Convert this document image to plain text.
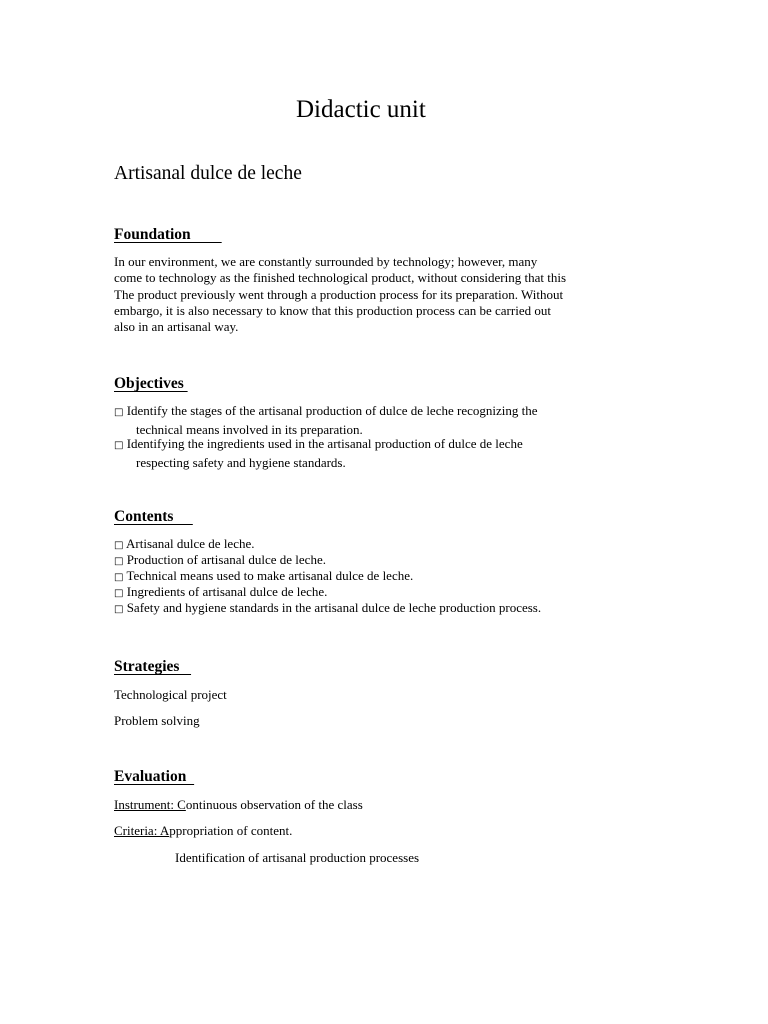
Didactic unit
Artisanal dulce de leche
Foundation
In our environment, we are constantly surrounded by technology; however, many
come to technology as the finished technological product, without considering that this
The product previously went through a production process for its preparation. Without
embargo, it is also necessary to know that this production process can be carried out
also in an artisanal way.
Objectives
□ Identify the stages of the artisanal production of dulce de leche recognizing the
technical means involved in its preparation.
□ Identifying the ingredients used in the artisanal production of dulce de leche
respecting safety and hygiene standards.
Contents
□ Artisanal dulce de leche.
□ Production of artisanal dulce de leche.
□ Technical means used to make artisanal dulce de leche.
□ Ingredients of artisanal dulce de leche.
□ Safety and hygiene standards in the artisanal dulce de leche production process.
Strategies
Technological project
Problem solving
Evaluation
Instrument: Continuous observation of the class
Criteria: Appropriation of content.
Identification of artisanal production processes
